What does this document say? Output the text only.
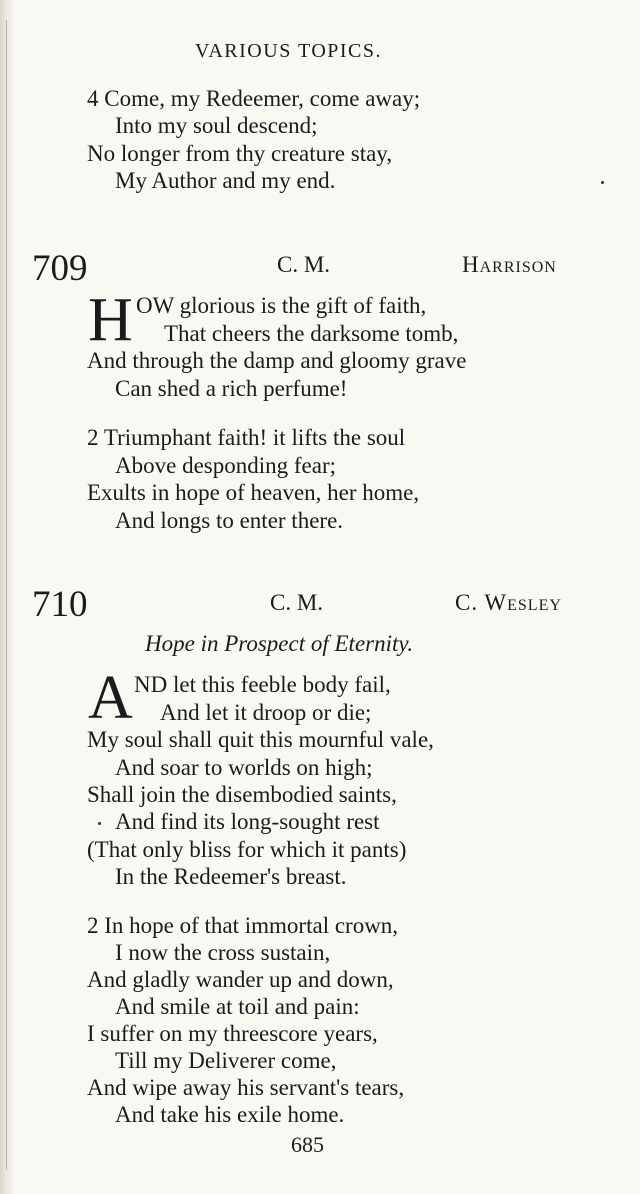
VARIOUS TOPICS.
4 Come, my Redeemer, come away;
Into my soul descend;
No longer from thy creature stay,
My Author and my end.
709	C. M.	Harrison
H OW glorious is the gift of faith,
That cheers the darksome tomb,
And through the damp and gloomy grave
Can shed a rich perfume!
2 Triumphant faith! it lifts the soul
Above desponding fear;
Exults in hope of heaven, her home,
And longs to enter there.
710	C. M.	C. Wesley
Hope in Prospect of Eternity.
A ND let this feeble body fail,
And let it droop or die;
My soul shall quit this mournful vale,
And soar to worlds on high;
Shall join the disembodied saints,
And find its long-sought rest
(That only bliss for which it pants)
In the Redeemer's breast.
2 In hope of that immortal crown,
I now the cross sustain,
And gladly wander up and down,
And smile at toil and pain:
I suffer on my threescore years,
Till my Deliverer come,
And wipe away his servant's tears,
And take his exile home.
685
